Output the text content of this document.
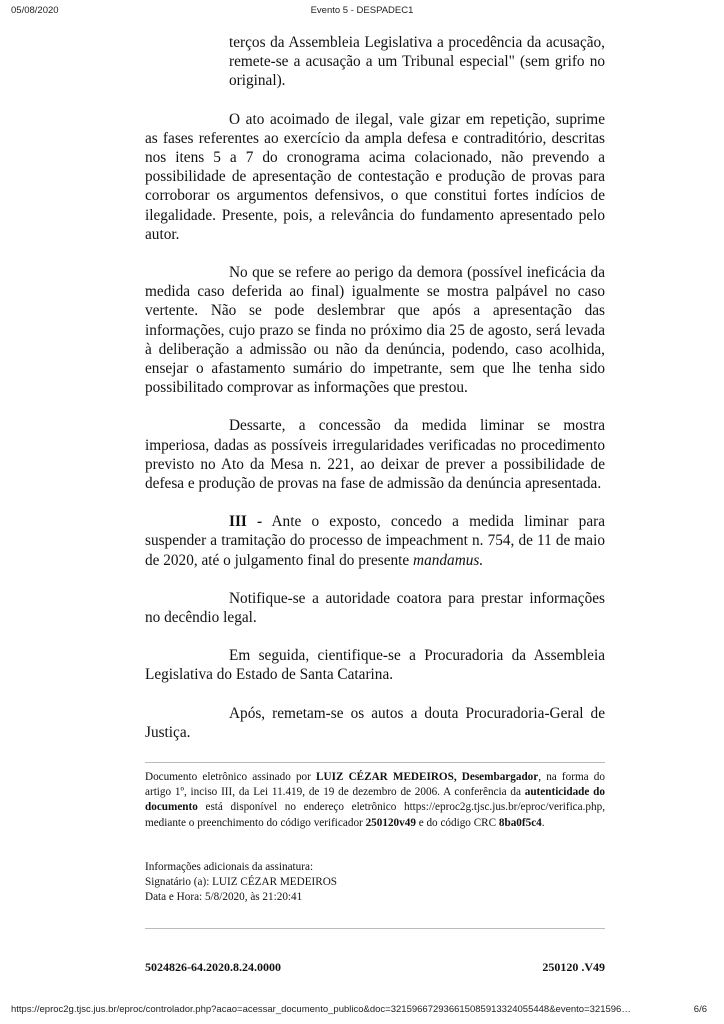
05/08/2020	Evento 5 - DESPADEC1

terços da Assembleia Legislativa a procedência da acusação, remete-se a acusação a um Tribunal especial" (sem grifo no original).

O ato acoimado de ilegal, vale gizar em repetição, suprime as fases referentes ao exercício da ampla defesa e contraditório, descritas nos itens 5 a 7 do cronograma acima colacionado, não prevendo a possibilidade de apresentação de contestação e produção de provas para corroborar os argumentos defensivos, o que constitui fortes indícios de ilegalidade. Presente, pois, a relevância do fundamento apresentado pelo autor.

No que se refere ao perigo da demora (possível ineficácia da medida caso deferida ao final) igualmente se mostra palpável no caso vertente. Não se pode deslembrar que após a apresentação das informações, cujo prazo se finda no próximo dia 25 de agosto, será levada à deliberação a admissão ou não da denúncia, podendo, caso acolhida, ensejar o afastamento sumário do impetrante, sem que lhe tenha sido possibilitado comprovar as informações que prestou.

Dessarte, a concessão da medida liminar se mostra imperiosa, dadas as possíveis irregularidades verificadas no procedimento previsto no Ato da Mesa n. 221, ao deixar de prever a possibilidade de defesa e produção de provas na fase de admissão da denúncia apresentada.

III - Ante o exposto, concedo a medida liminar para suspender a tramitação do processo de impeachment n. 754, de 11 de maio de 2020, até o julgamento final do presente mandamus.

Notifique-se a autoridade coatora para prestar informações no decêndio legal.

Em seguida, cientifique-se a Procuradoria da Assembleia Legislativa do Estado de Santa Catarina.

Após, remetam-se os autos a douta Procuradoria-Geral de Justiça.

Documento eletrônico assinado por LUIZ CÉZAR MEDEIROS, Desembargador, na forma do artigo 1º, inciso III, da Lei 11.419, de 19 de dezembro de 2006. A conferência da autenticidade do documento está disponível no endereço eletrônico https://eproc2g.tjsc.jus.br/eproc/verifica.php, mediante o preenchimento do código verificador 250120v49 e do código CRC 8ba0f5c4.
Informações adicionais da assinatura:
Signatário (a): LUIZ CÉZAR MEDEIROS
Data e Hora: 5/8/2020, às 21:20:41
5024826-64.2020.8.24.0000	250120 .V49
https://eproc2g.tjsc.jus.br/eproc/controlador.php?acao=acessar_documento_publico&doc=321596672936615085913324055448&evento=321596…	6/6
